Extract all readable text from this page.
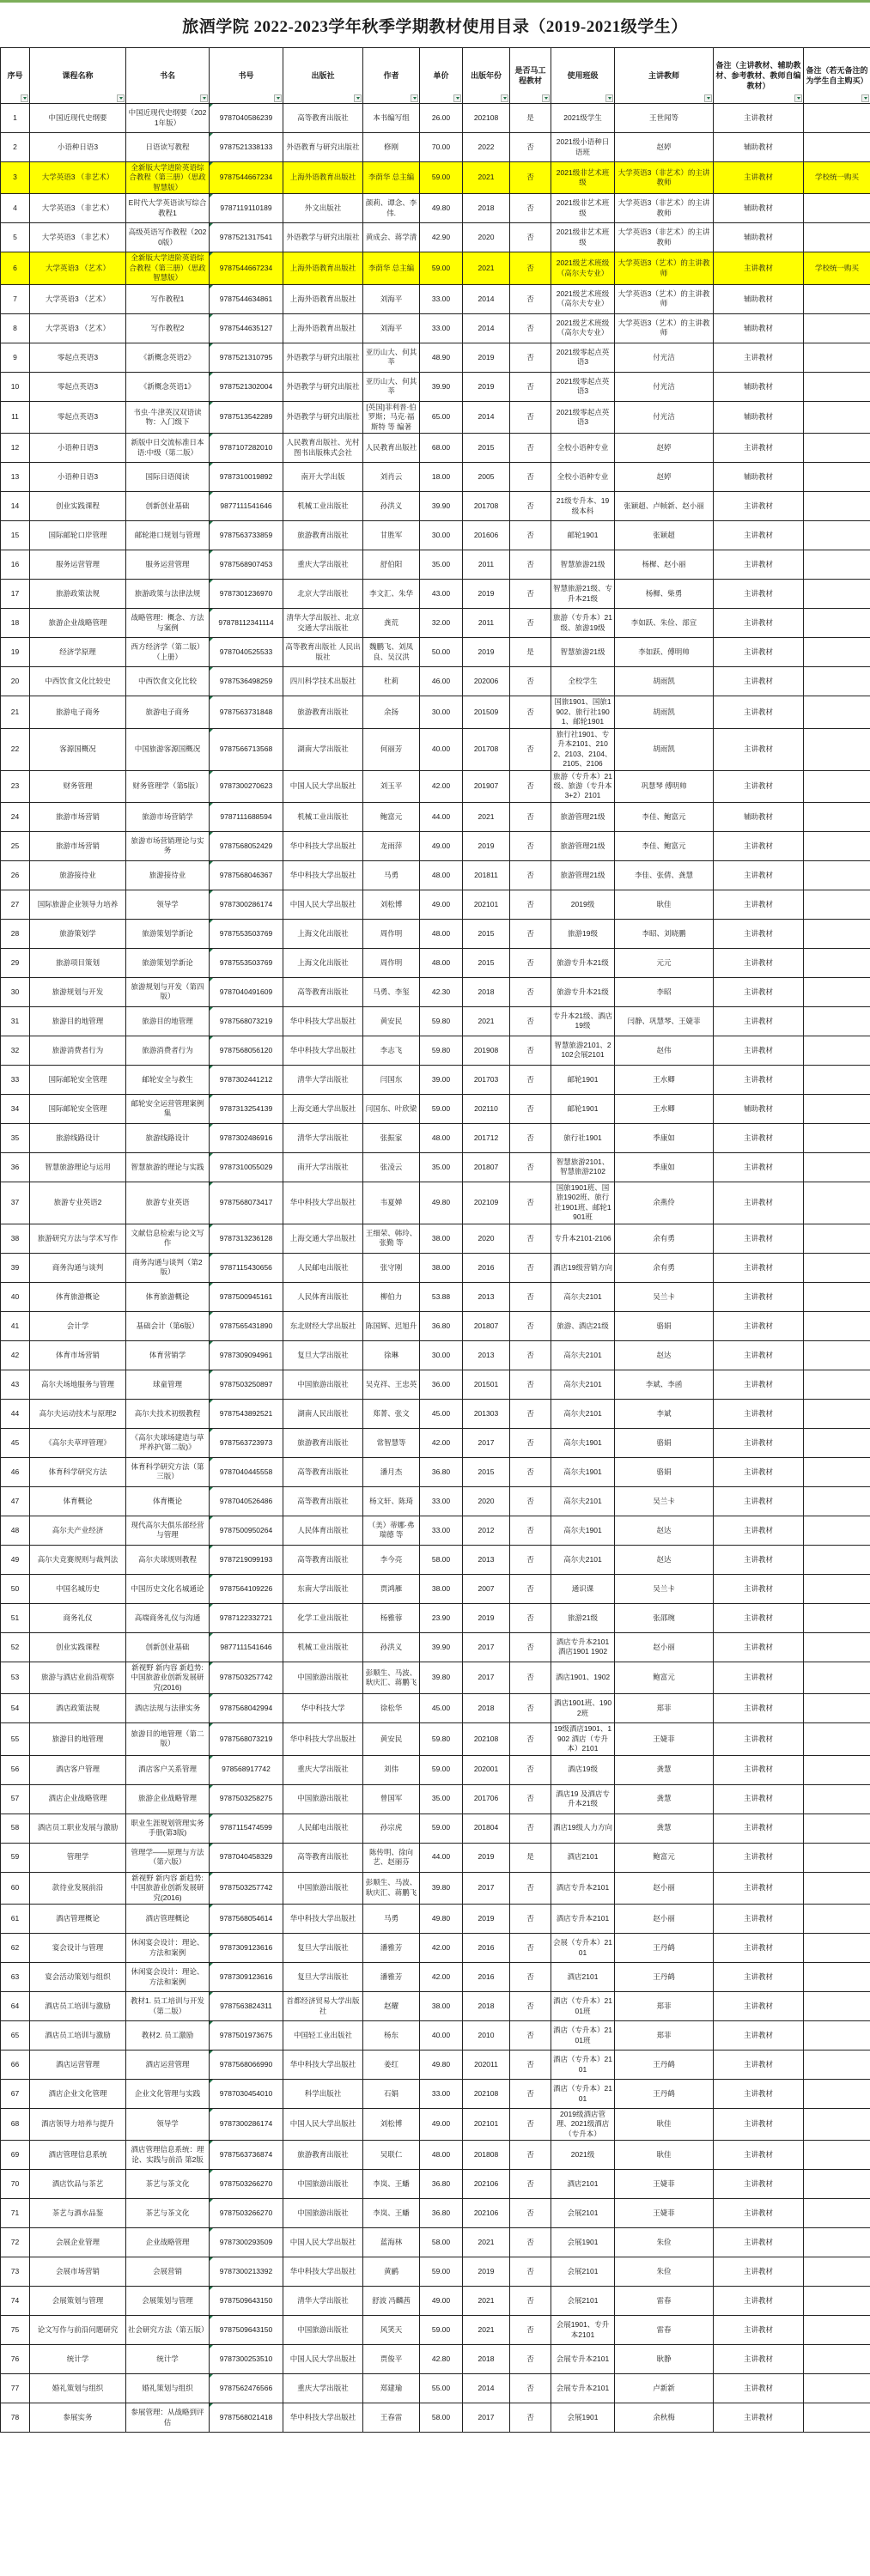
旅酒学院 2022-2023学年秋季学期教材使用目录（2019-2021级学生）
序号	课程名称	书名	书号	出版社	作者	单价	出版年份	是否马工程教材	使用班级	主讲教师	备注（主讲教材、辅助教材、参考教材、教师自编教材）	备注（若无备注的为学生自主购买）

1	中国近现代史纲要	中国近现代史纲要（2021年版）	9787040586239	高等教育出版社	本书编写组	26.00	202108	是	2021级学生	王世闻等	主讲教材	
2	小语种日语3	日语读写教程	9787521338133	外语教育与研究出版社	修刚	70.00	2022	否	2021级小语种日语班	赵婷	辅助教材	
3	大学英语3 （非艺术）	全新版大学进阶英语综合教程（第三册）（思政智慧版）	9787544667234	上海外语教育出版社	李荫华 总主编	59.00	2021	否	2021级非艺术班级	大学英语3（非艺术）的主讲教师	主讲教材	学校统一购买
4	大学英语3 （非艺术）	E时代大学英语读写综合教程1	9787119110189	外文出版社	颜莉、谭念、李伟.	49.80	2018	否	2021级非艺术班级	大学英语3（非艺术）的主讲教师	辅助教材	
5	大学英语3 （非艺术）	高级英语写作教程（2020版）	9787521317541	外语教学与研究出版社	黄成会、蒋学清	42.90	2020	否	2021级非艺术班级	大学英语3（非艺术）的主讲教师	辅助教材	
6	大学英语3 （艺术）	全新版大学进阶英语综合教程（第三册）（思政智慧版）	9787544667234	上海外语教育出版社	李荫华 总主编	59.00	2021	否	2021级艺术班级（高尔夫专业）	大学英语3（艺术）的主讲教师	主讲教材	学校统一购买
7	大学英语3 （艺术）	写作教程1	9787544634861	上海外语教育出版社	刘海平	33.00	2014	否	2021级艺术班级（高尔夫专业）	大学英语3（艺术）的主讲教师	辅助教材	
8	大学英语3 （艺术）	写作教程2	9787544635127	上海外语教育出版社	刘海平	33.00	2014	否	2021级艺术班级（高尔夫专业）	大学英语3（艺术）的主讲教师	辅助教材	
9	零起点英语3	《新概念英语2》	9787521310795	外语教学与研究出版社	亚历山大、何其莘	48.90	2019	否	2021级零起点英语3	付光洁	主讲教材	
10	零起点英语3	《新概念英语1》	9787521302004	外语教学与研究出版社	亚历山大、何其莘	39.90	2019	否	2021级零起点英语3	付光洁	辅助教材	
11	零起点英语3	书虫·牛津英汉双语读物：入门级下	9787513542289	外语教学与研究出版社	[英国]菲利普·伯罗斯；马克·福斯特 等 编著	65.00	2014	否	2021级零起点英语3	付光洁	辅助教材	
12	小语种日语3	新版中日交流标准日本语:中级（第二版）	9787107282010	人民教育出版社、光村图书出版株式会社	人民教育出版社	68.00	2015	否	全校小语种专业	赵婷	主讲教材	
13	小语种日语3	国际日语阅读	9787310019892	南开大学出版	刘肖云	18.00	2005	否	全校小语种专业	赵婷	辅助教材	
14	创业实践课程	创新创业基础	9877111541646	机械工业出版社	孙洪义	39.90	201708	否	21级专升本、19级本科	张颖超、卢帧新、赵小丽	主讲教材	
15	国际邮轮口岸管理	邮轮港口规划与管理	9787563733859	旅游教育出版社	甘胜军	30.00	201606	否	邮轮1901	张颖超	主讲教材	
16	服务运营管理	服务运营管理	9787568907453	重庆大学出版社	舒伯阳	35.00	2011	否	智慧旅游21级	杨樨、赵小丽	主讲教材	
17	旅游政策法规	旅游政策与法律法规	9787301236970	北京大学出版社	李文汇、朱华	43.00	2019	否	智慧旅游21级、专升本21级	杨樨、柴勇	主讲教材	
18	旅游企业战略管理	战略管理：概念、方法与案例	97878112341114	清华大学出版社、北京交通大学出版社	龚荒	32.00	2011	否	旅游（专升本）21级、旅游19级	李如跃、朱俭、部宣	主讲教材	
19	经济学原理	西方经济学（第二版）（上册）	9787040525533	高等教育出版社 人民出版社	魏鹏飞、刘凤良、吴汉洪	50.00	2019	是	智慧旅游21级	李如跃、傅明帅	主讲教材	
20	中西饮食文化比较史	中西饮食文化比较	9787536498259	四川科学技术出版社	杜莉	46.00	202006	否	全校学生	胡雨凯	主讲教材	
21	旅游电子商务	旅游电子商务	9787563731848	旅游教育出版社	余扬	30.00	201509	否	国旅1901、国旅1902、旅行社1901、邮轮1901	胡雨凯	主讲教材	
22	客源国概况	中国旅游客源国概况	9787566713568	湖南大学出版社	何丽芳	40.00	201708	否	旅行社1901、专升本2101、2102、2103、2104、2105、2106	胡雨凯	主讲教材	
23	财务管理	财务管理学（第5版）	9787300270623	中国人民大学出版社	刘玉平	42.00	201907	否	旅游（专升本）21级、旅游（专升本3+2）2101	巩慧琴 傅明帅	主讲教材	
24	旅游市场营销	旅游市场营销学	9787111688594	机械工业出版社	鲍富元	44.00	2021	否	旅游管理21级	李佳、鲍富元	辅助教材	
25	旅游市场营销	旅游市场营销理论与实务	9787568052429	华中科技大学出版社	龙雨萍	49.00	2019	否	旅游管理21级	李佳、鲍富元	主讲教材	
26	旅游接待业	旅游接待业	9787568046367	华中科技大学出版社	马勇	48.00	201811	否	旅游管理21级	李佳、张倩、龚慧	主讲教材	
27	国际旅游企业领导力培养	领导学	9787300286174	中国人民大学出版社	刘松博	49.00	202101	否	2019级	耿佳	主讲教材	
28	旅游策划学	旅游策划学新论	9787553503769	上海文化出版社	周作明	48.00	2015	否	旅游19级	李昭、刘晓鹏	主讲教材	
29	旅游项目策划	旅游策划学新论	9787553503769	上海文化出版社	周作明	48.00	2015	否	旅游专升本21级	元元	主讲教材	
30	旅游规划与开发	旅游规划与开发（第四版）	9787040491609	高等教育出版社	马勇、李玺	42.30	2018	否	旅游专升本21级	李昭	主讲教材	
31	旅游目的地管理	旅游目的地管理	9787568073219	华中科技大学出版社	黄安民	59.80	2021	否	专升本21级、酒店19级	闫静、巩慧琴、王婕菲	主讲教材	
32	旅游消费者行为	旅游消费者行为	9787568056120	华中科技大学出版社	李志飞	59.80	201908	否	智慧旅游2101、2102会展2101	赵伟	主讲教材	
33	国际邮轮安全管理	邮轮安全与救生	9787302441212	清华大学出版社	闫国东	39.00	201703	否	邮轮1901	王水卿	主讲教材	
34	国际邮轮安全管理	邮轮安全运营管理案例集	9787313254139	上海交通大学出版社	闫国东、叶欣梁	59.00	202110	否	邮轮1901	王水卿	辅助教材	
35	旅游线路设计	旅游线路设计	9787302486916	清华大学出版社	张振家	48.00	201712	否	旅行社1901	季康如	主讲教材	
36	智慧旅游理论与运用	智慧旅游的理论与实践	9787310055029	南开大学出版社	张凌云	35.00	201807	否	智慧旅游2101、智慧旅游2102	季康如	主讲教材	
37	旅游专业英语2	旅游专业英语	9787568073417	华中科技大学出版社	韦夏婵	49.80	202109	否	国旅1901班、国旅1902班、旅行社1901班、邮轮1901班	余燕伶	主讲教材	
38	旅游研究方法与学术写作	文献信息检索与论文写作	9787313236128	上海交通大学出版社	王细荣、韩玲、张勤 等	38.00	2020	否	专升本2101-2106	余有勇	主讲教材	
39	商务沟通与谈判	商务沟通与谈判（第2版）	9787115430656	人民邮电出版社	张守刚	38.00	2016	否	酒店19级营销方向	余有勇	主讲教材	
40	体育旅游概论	体育旅游概论	9787500945161	人民体育出版社	柳伯力	53.88	2013	否	高尔夫2101	吴兰卡	主讲教材	
41	会计学	基础会计（第6版）	9787565431890	东北财经大学出版社	陈国辉、迟旭升	36.80	201807	否	旅游、酒店21级	骆娟	主讲教材	
42	体育市场营销	体育营销学	9787309094961	复旦大学出版社	徐琳	30.00	2013	否	高尔夫2101	赵达	主讲教材	
43	高尔夫场地服务与管理	球童管理	9787503250897	中国旅游出版社	吴克祥、王忠英	36.00	201501	否	高尔夫2101	李斌、李函	主讲教材	
44	高尔夫运动技术与原理2	高尔夫技术初级教程	9787543892521	湖南人民出版社	郑菁、张文	45.00	201303	否	高尔夫2101	李斌	主讲教材	
45	《高尔夫草坪管理》	《高尔夫球场建造与草坪养护(第二版)》	9787563723973	旅游教育出版社	常智慧等	42.00	2017	否	高尔夫1901	骆娟	主讲教材	
46	体育科学研究方法	体育科学研究方法（第三版）	9787040445558	高等教育出版社	潘月杰	36.80	2015	否	高尔夫1901	骆娟	主讲教材	
47	体育概论	体育概论	9787040526486	高等教育出版社	杨文轩、陈琦	33.00	2020	否	高尔夫2101	吴兰卡	主讲教材	
48	高尔夫产业经济	现代高尔夫俱乐部经营与管理	9787500950264	人民体育出版社	（美）蒂娜·弗瑞德 等	33.00	2012	否	高尔夫1901	赵达	主讲教材	
49	高尔夫竞赛规则与裁判法	高尔夫球规则教程	9787219099193	高等教育出版社	李今亮	58.00	2013	否	高尔夫2101	赵达	主讲教材	
50	中国名城历史	中国历史文化名城通论	9787564109226	东南大学出版社	贾鸿雁	38.00	2007	否	通识课	吴兰卡	主讲教材	
51	商务礼仪	高端商务礼仪与沟通	9787122332721	化学工业出版社	杨雅蓉	23.90	2019	否	旅游21级	张邵琬	主讲教材	
52	创业实践课程	创新创业基础	9877111541646	机械工业出版社	孙洪义	39.90	2017	否	酒店专升本2101 酒店1901 1902	赵小丽	主讲教材	
53	旅游与酒店业前沿观察	新视野 新内容 新趋势:中国旅游业创新发展研究(2016)	9787503257742	中国旅游出版社	彭顺生、马波、耿庆汇、蒋鹏飞	39.80	2017	否	酒店1901、1902	鲍富元	主讲教材	
54	酒店政策法规	酒店法规与法律实务	9787568042994	华中科技大学	徐松华	45.00	2018	否	酒店1901班、1902班	郑菲	主讲教材	
55	旅游目的地管理	旅游目的地管理（第二版）	9787568073219	华中科技大学出版社	黄安民	59.80	202108	否	19级酒店1901、1902 酒店（专升本）2101	王婕菲	主讲教材	
56	酒店客户管理	酒店客户关系管理	978568917742	重庆大学出版社	刘伟	59.00	202001	否	酒店19级	龚慧	主讲教材	
57	酒店企业战略管理	旅游企业战略管理	9787503258275	中国旅游出版社	曾国军	35.00	201706	否	酒店19 及酒店专升本21级	龚慧	主讲教材	
58	酒店员工职业发展与激励	职业生涯规划管理实务手册(第3版)	9787115474599	人民邮电出版社	孙宗虎	59.00	201804	否	酒店19级人力方向	龚慧	主讲教材	
59	管理学	管理学——原理与方法（第六版）	9787040458329	高等教育出版社	陈传明、徐向艺、赵丽芬	44.00	2019	是	酒店2101	鲍富元	主讲教材	
60	款待业发展前沿	新视野 新内容 新趋势:中国旅游业创新发展研究(2016)	9787503257742	中国旅游出版社	彭顺生、马波、耿庆汇、蒋鹏飞	39.80	2017	否	酒店专升本2101	赵小丽	主讲教材	
61	酒店管理概论	酒店管理概论	9787568054614	华中科技大学出版社	马勇	49.80	2019	否	酒店专升本2101	赵小丽	主讲教材	
62	宴会设计与管理	休闲宴会设计：理论、方法和案例	9787309123616	复旦大学出版社	潘雅芳	42.00	2016	否	会展（专升本）2101	王丹鹤	主讲教材	
63	宴会活动策划与组织	休闲宴会设计：理论、方法和案例	9787309123616	复旦大学出版社	潘雅芳	42.00	2016	否	酒店2101	王丹鹤	主讲教材	
64	酒店员工培训与激励	教材1. 员工培训与开发（第二版）	9787563824311	首都经济贸易大学出版社	赵耀	38.00	2018	否	酒店（专升本）2101班	郑菲	主讲教材	
65	酒店员工培训与激励	教材2. 员工激励	9787501973675	中国轻工业出版社	杨东	40.00	2010	否	酒店（专升本）2101班	郑菲	主讲教材	
66	酒店运营管理	酒店运营管理	9787568066990	华中科技大学出版社	姜红	49.80	202011	否	酒店（专升本）2101	王丹鹤	主讲教材	
67	酒店企业文化管理	企业文化管理与实践	9787030454010	科学出版社	石娟	33.00	202108	否	酒店（专升本）2101	王丹鹤	主讲教材	
68	酒店领导力培养与提升	领导学	9787300286174	中国人民大学出版社	刘松博	49.00	202101	否	2019级酒店管理、2021级酒店（专升本）	耿佳	主讲教材	
69	酒店管理信息系统	酒店管理信息系统：理论、实践与前沿 第2版	9787563736874	旅游教育出版社	吴联仁	48.00	201808	否	2021级	耿佳	主讲教材	
70	酒店饮品与茶艺	茶艺与茶文化	9787503266270	中国旅游出版社	李岚、王蟠	36.80	202106	否	酒店2101	王婕菲	主讲教材	
71	茶艺与酒水品鉴	茶艺与茶文化	9787503266270	中国旅游出版社	李岚、王蟠	36.80	202106	否	会展2101	王婕菲	主讲教材	
72	会展企业管理	企业战略管理	9787300293509	中国人民大学出版社	蓝海林	58.00	2021	否	会展1901	朱俭	主讲教材	
73	会展市场营销	会展营销	9787300213392	华中科技大学出版社	黄鹂	59.00	2019	否	会展2101	朱俭	主讲教材	
74	会展策划与管理	会展策划与管理	9787509643150	清华大学出版社	舒波 冯麟茜	49.00	2021	否	会展2101	雷春	主讲教材	
75	论文写作与前沿问题研究	社会研究方法（第五版）	9787509643150	中国旅游出版社	风笑天	59.00	2021	否	会展1901、专升本2101	雷春	主讲教材	
76	统计学	统计学	9787300253510	中国人民大学出版社	贾俊平	42.80	2018	否	会展专升本2101	耿静	主讲教材	
77	婚礼策划与组织	婚礼策划与组织	9787562476566	重庆大学出版社	郑建瑜	55.00	2014	否	会展专升本2101	卢新新	主讲教材	
78	参展实务	参展管理：从战略到评估	9787568021418	华中科技大学出版社	王春雷	58.00	2017	否	会展1901	余秋梅	主讲教材	
